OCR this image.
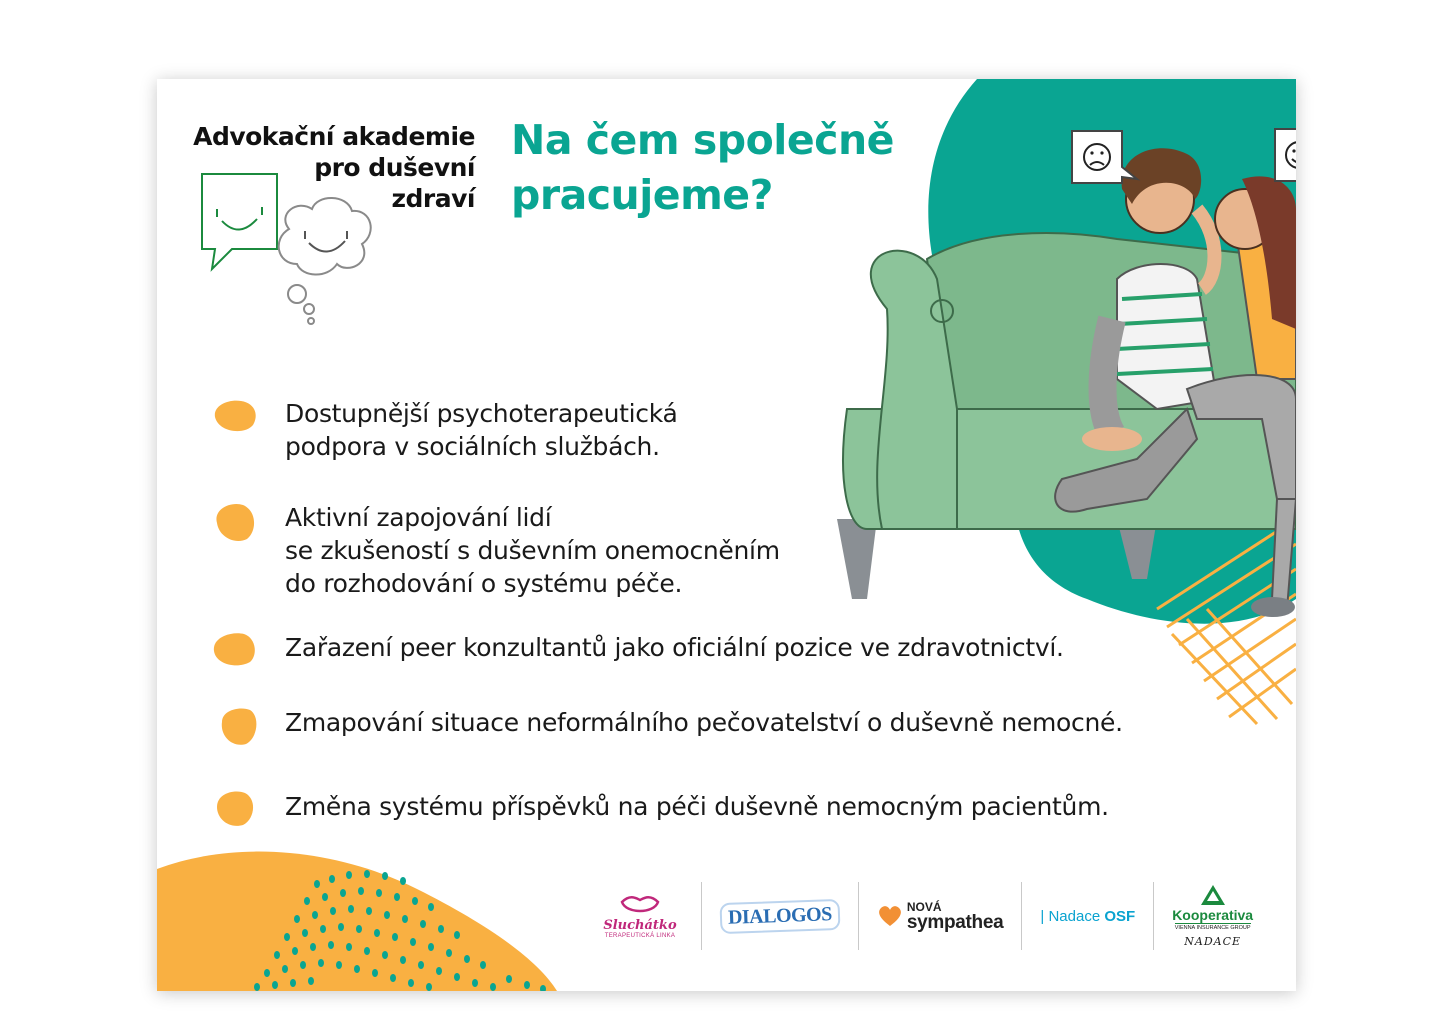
Advokační akademie
pro duševní
zdraví
Na čem společně
pracujeme?
Dostupnější psychoterapeutická
podpora v sociálních službách.
Aktivní zapojování lidí
se zkušeností s duševním onemocněním
do rozhodování o systému péče.
Zařazení peer konzultantů jako oficiální pozice ve zdravotnictví.
Zmapování situace neformálního pečovatelství o duševně nemocné.
Změna systému příspěvků na péči duševně nemocným pacientům.
Sluchátko
TERAPEUTICKÁ LINKA
DIALOGOS	NOVÁ
sympathea | Nadace OSF	Kooperativa
VIENNA INSURANCE GROUP
NADACE
